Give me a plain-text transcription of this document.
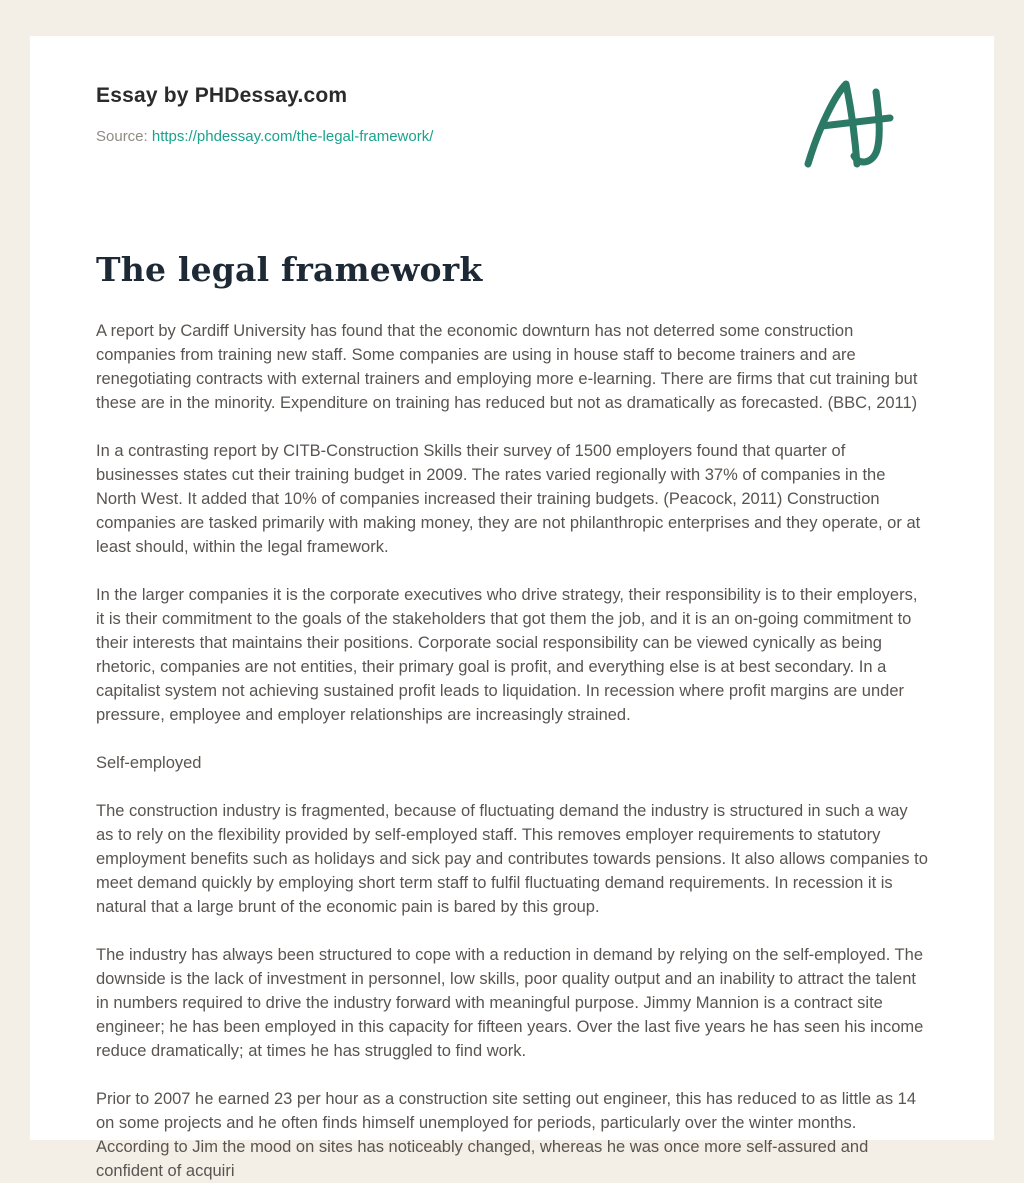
Essay by PHDessay.com
Source: https://phdessay.com/the-legal-framework/
The legal framework

A report by Cardiff University has found that the economic downturn has not deterred some construction companies from training new staff. Some companies are using in house staff to become trainers and are renegotiating contracts with external trainers and employing more e-learning. There are firms that cut training but these are in the minority. Expenditure on training has reduced but not as dramatically as forecasted. (BBC, 2011)

In a contrasting report by CITB-Construction Skills their survey of 1500 employers found that quarter of businesses states cut their training budget in 2009. The rates varied regionally with 37% of companies in the North West. It added that 10% of companies increased their training budgets. (Peacock, 2011) Construction companies are tasked primarily with making money, they are not philanthropic enterprises and they operate, or at least should, within the legal framework.

In the larger companies it is the corporate executives who drive strategy, their responsibility is to their employers, it is their commitment to the goals of the stakeholders that got them the job, and it is an on-going commitment to their interests that maintains their positions. Corporate social responsibility can be viewed cynically as being rhetoric, companies are not entities, their primary goal is profit, and everything else is at best secondary. In a capitalist system not achieving sustained profit leads to liquidation. In recession where profit margins are under pressure, employee and employer relationships are increasingly strained.

Self-employed

The construction industry is fragmented, because of fluctuating demand the industry is structured in such a way as to rely on the flexibility provided by self-employed staff. This removes employer requirements to statutory employment benefits such as holidays and sick pay and contributes towards pensions. It also allows companies to meet demand quickly by employing short term staff to fulfil fluctuating demand requirements. In recession it is natural that a large brunt of the economic pain is bared by this group.

The industry has always been structured to cope with a reduction in demand by relying on the self-employed. The downside is the lack of investment in personnel, low skills, poor quality output and an inability to attract the talent in numbers required to drive the industry forward with meaningful purpose. Jimmy Mannion is a contract site engineer; he has been employed in this capacity for fifteen years. Over the last five years he has seen his income reduce dramatically; at times he has struggled to find work.

Prior to 2007 he earned 23 per hour as a construction site setting out engineer, this has reduced to as little as 14 on some projects and he often finds himself unemployed for periods, particularly over the winter months. According to Jim the mood on sites has noticeably changed, whereas he was once more self-assured and confident of acquiri
